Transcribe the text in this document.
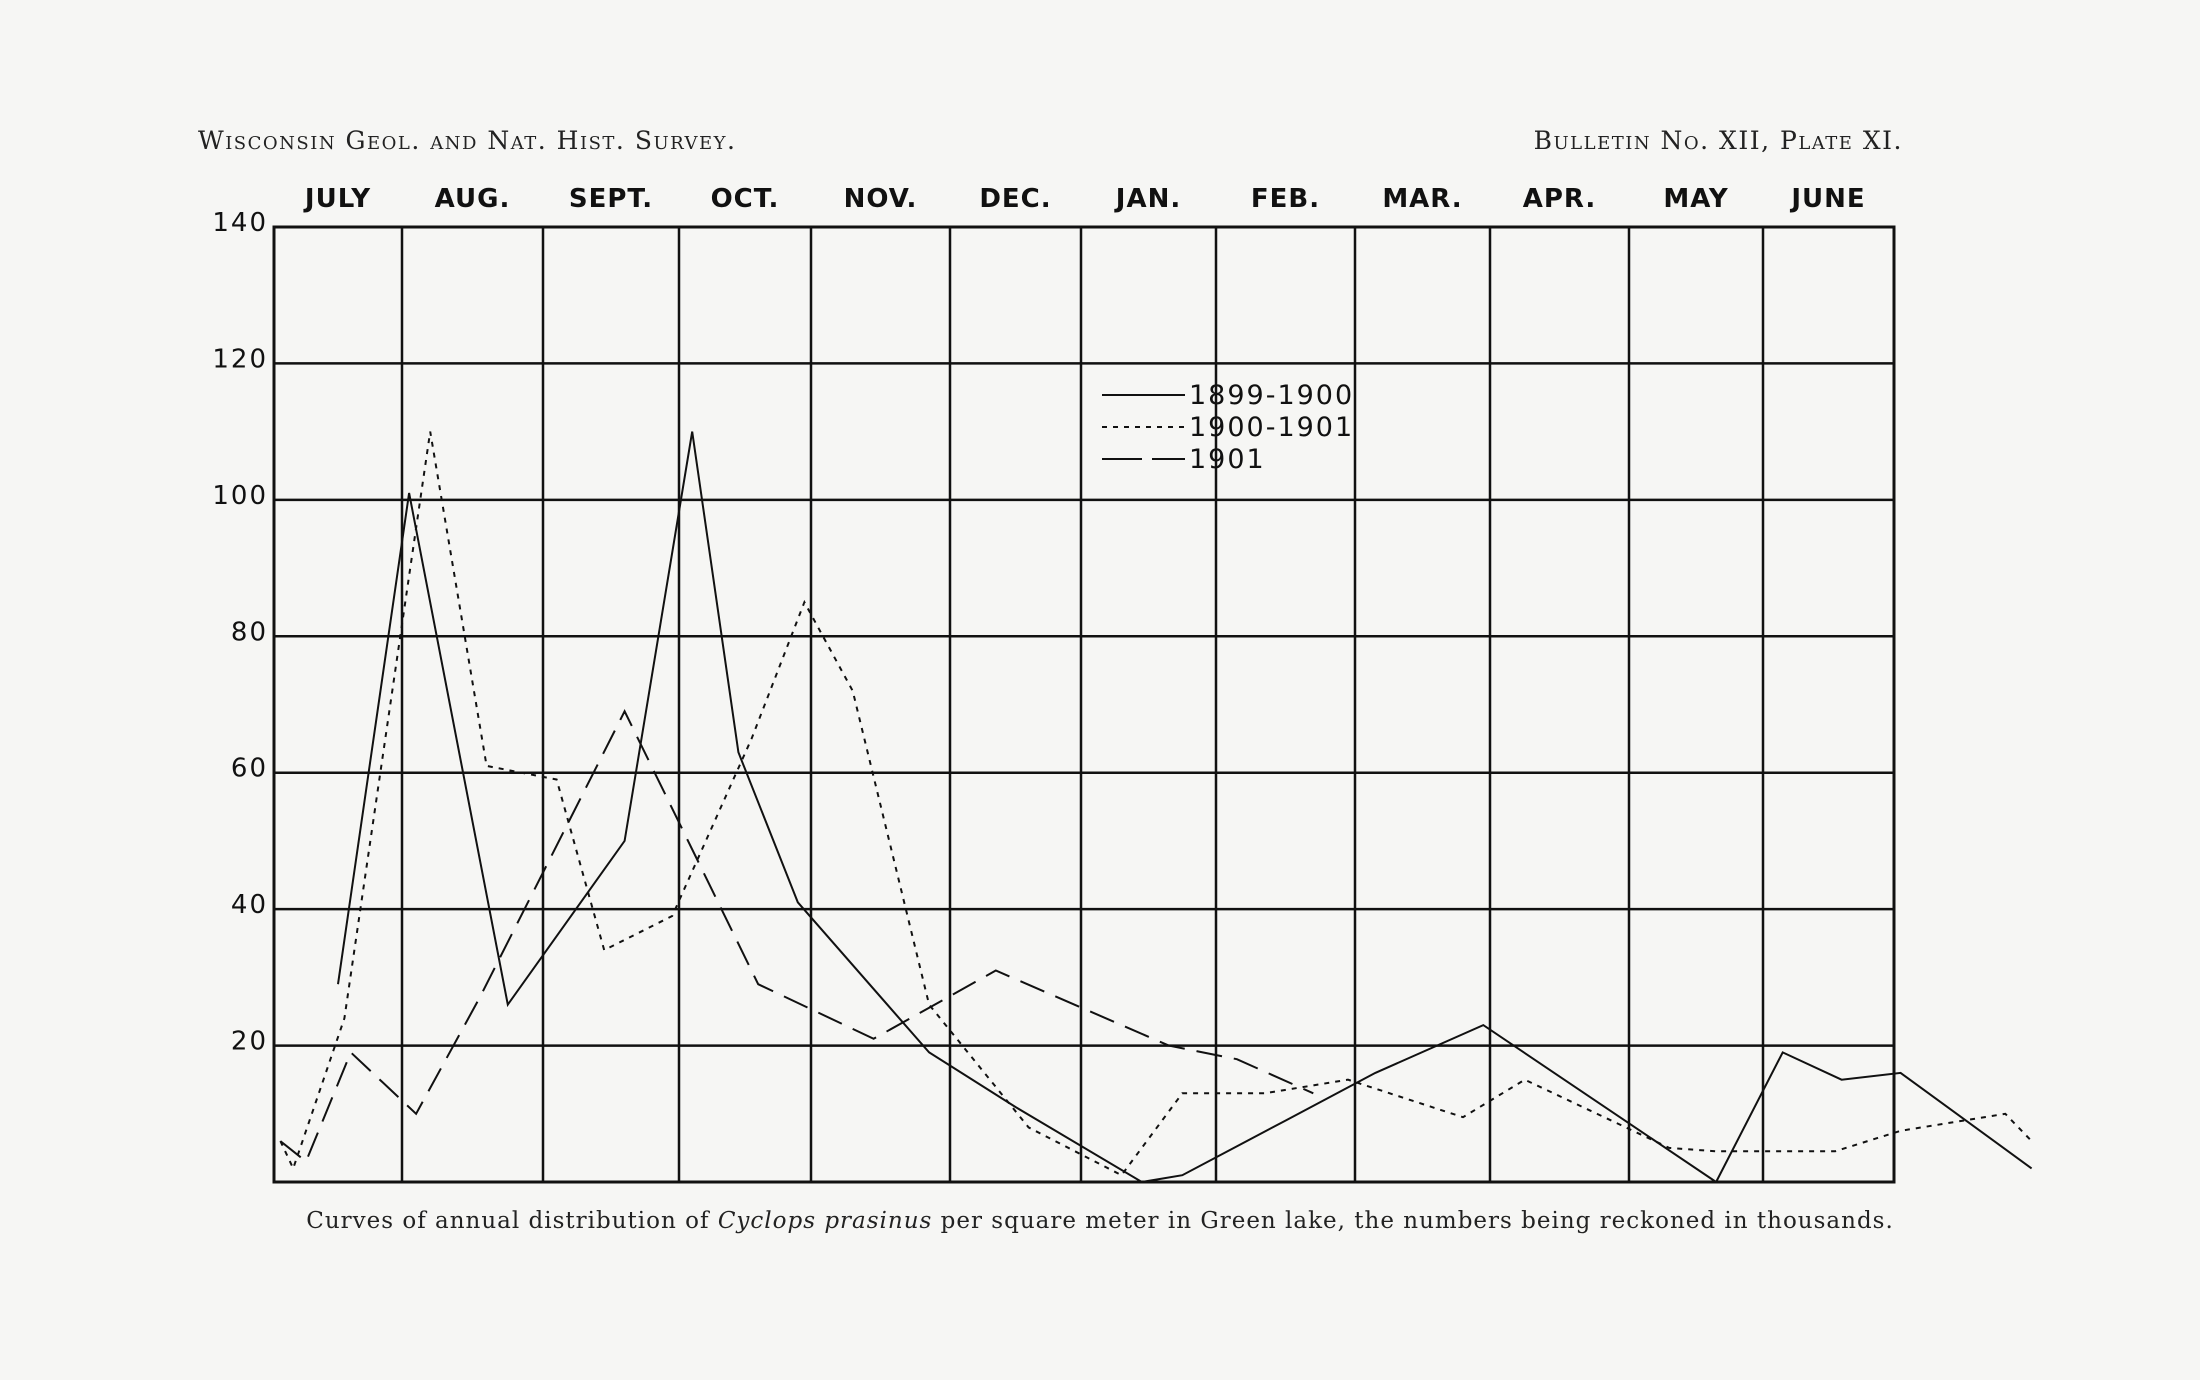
Wisconsin Geol. and Nat. Hist. Survey.	Bulletin No. XII, Plate XI.
JULY AUG. SEPT. OCT. NOV. DEC. JAN.	FEB. MAR. APR.	MAY JUNE
20
40
60
80
100
120
140
1899-1900
1900-1901
1901
Curves of annual distribution of Cyclops prasinus per square meter in Green lake, the numbers being reckoned in thousands.
